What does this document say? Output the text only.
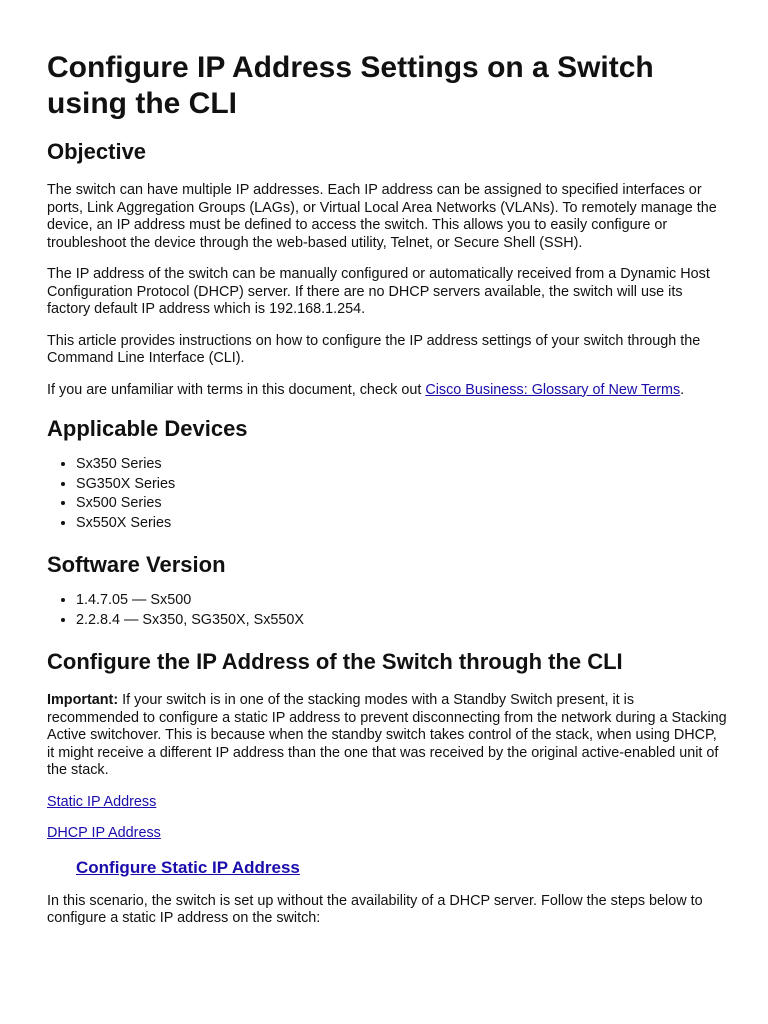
Configure IP Address Settings on a Switch using the CLI
Objective

The switch can have multiple IP addresses. Each IP address can be assigned to specified interfaces or ports, Link Aggregation Groups (LAGs), or Virtual Local Area Networks (VLANs). To remotely manage the device, an IP address must be defined to access the switch. This allows you to easily configure or troubleshoot the device through the web-based utility, Telnet, or Secure Shell (SSH).

The IP address of the switch can be manually configured or automatically received from a Dynamic Host Configuration Protocol (DHCP) server. If there are no DHCP servers available, the switch will use its factory default IP address which is 192.168.1.254.

This article provides instructions on how to configure the IP address settings of your switch through the Command Line Interface (CLI).

If you are unfamiliar with terms in this document, check out Cisco Business: Glossary of New Terms.

Applicable Devices
• Sx350 Series
• SG350X Series
• Sx500 Series
• Sx550X Series
Software Version
• 1.4.7.05 — Sx500
• 2.2.8.4 — Sx350, SG350X, Sx550X
Configure the IP Address of the Switch through the CLI

Important: If your switch is in one of the stacking modes with a Standby Switch present, it is recommended to configure a static IP address to prevent disconnecting from the network during a Stacking Active switchover. This is because when the standby switch takes control of the stack, when using DHCP, it might receive a different IP address than the one that was received by the original active-enabled unit of the stack.

Static IP Address

DHCP IP Address

Configure Static IP Address

In this scenario, the switch is set up without the availability of a DHCP server. Follow the steps below to configure a static IP address on the switch:
